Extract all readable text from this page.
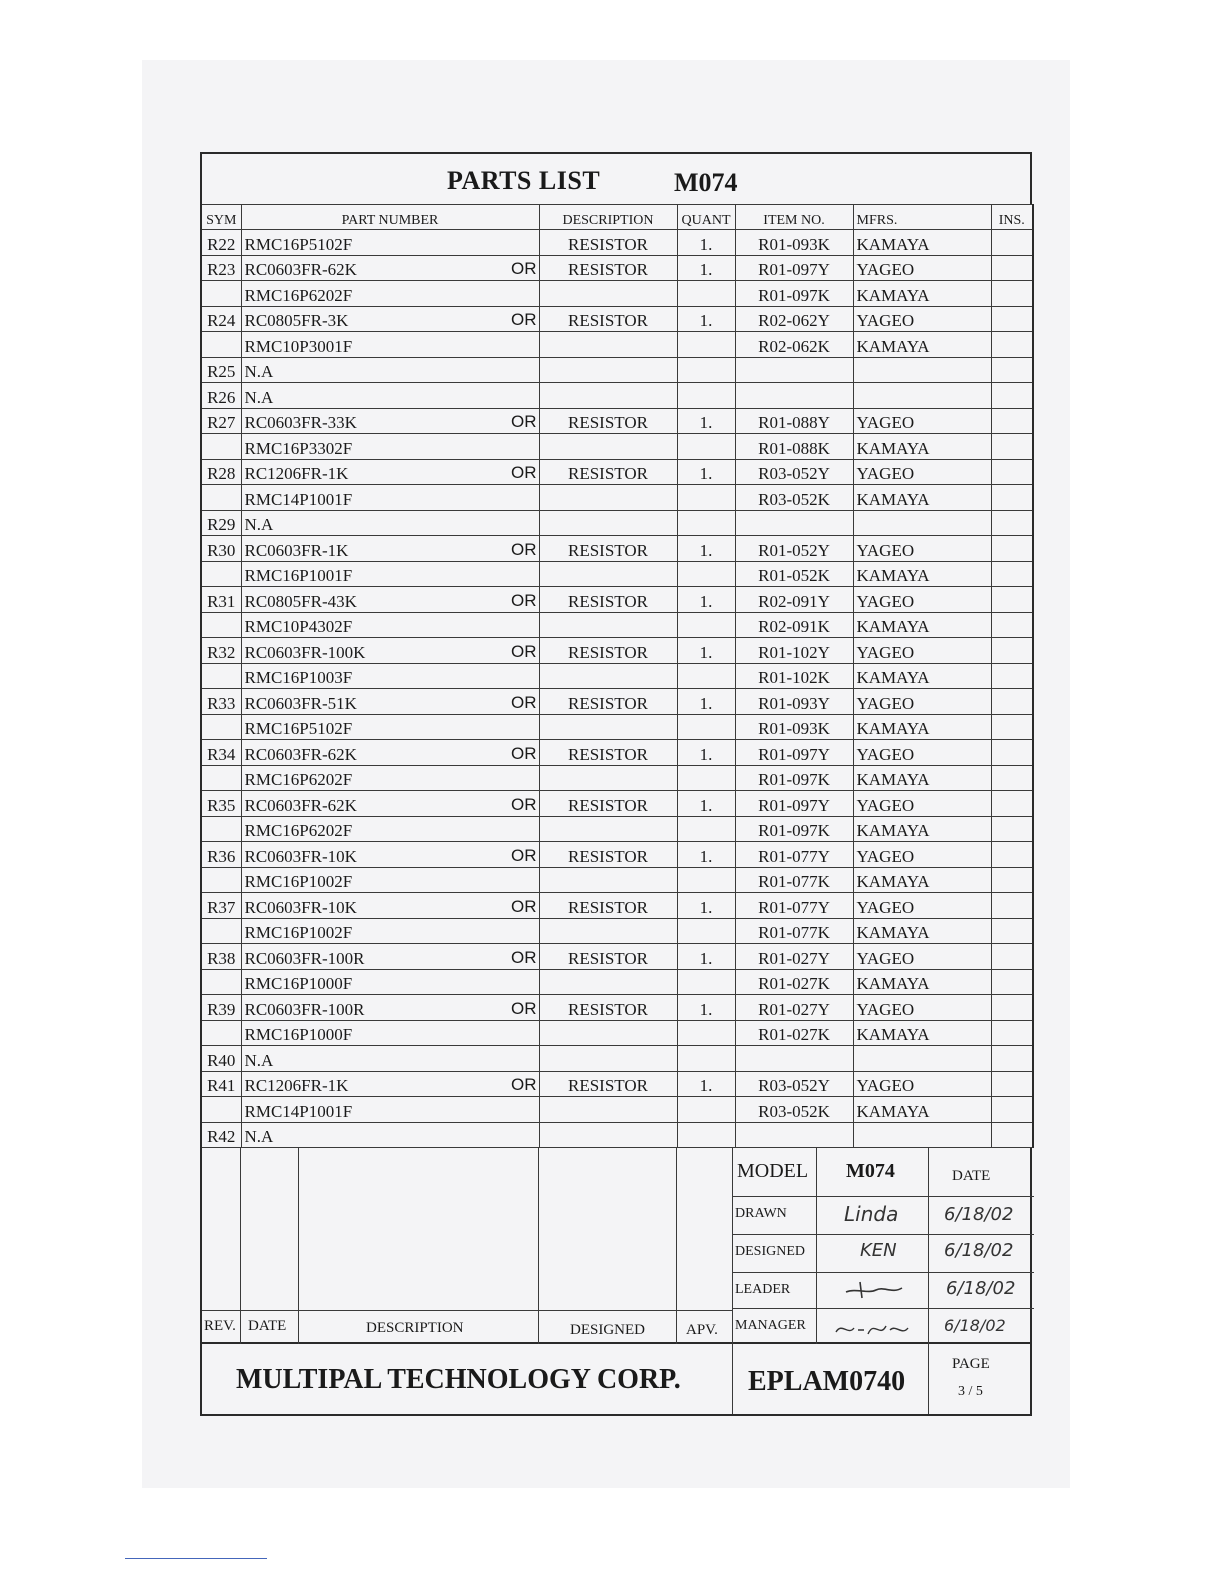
PARTS LIST	M074
SYM	PART NUMBER	DESCRIPTION	QUANT	ITEM NO.	MFRS.	INS.
R22	RMC16P5102F	RESISTOR	1.	R01-093K	KAMAYA	
R23	RC0603FR-62K OR	RESISTOR	1.	R01-097Y	YAGEO	
	RMC16P6202F			R01-097K	KAMAYA	
R24	RC0805FR-3K OR	RESISTOR	1.	R02-062Y	YAGEO	
	RMC10P3001F			R02-062K	KAMAYA	
R25	N.A

R26	N.A

R27	RC0603FR-33K OR	RESISTOR	1.	R01-088Y	YAGEO	
	RMC16P3302F			R01-088K	KAMAYA	
R28	RC1206FR-1K OR	RESISTOR	1.	R03-052Y	YAGEO	
	RMC14P1001F			R03-052K	KAMAYA	
R29	N.A

R30	RC0603FR-1K OR	RESISTOR	1.	R01-052Y	YAGEO	
	RMC16P1001F			R01-052K	KAMAYA	
R31	RC0805FR-43K OR	RESISTOR	1.	R02-091Y	YAGEO	
	RMC10P4302F			R02-091K	KAMAYA	
R32	RC0603FR-100K OR	RESISTOR	1.	R01-102Y	YAGEO	
	RMC16P1003F			R01-102K	KAMAYA	
R33	RC0603FR-51K OR	RESISTOR	1.	R01-093Y	YAGEO	
	RMC16P5102F			R01-093K	KAMAYA	
R34	RC0603FR-62K OR	RESISTOR	1.	R01-097Y	YAGEO	
	RMC16P6202F			R01-097K	KAMAYA	
R35	RC0603FR-62K OR	RESISTOR	1.	R01-097Y	YAGEO	
	RMC16P6202F			R01-097K	KAMAYA	
R36	RC0603FR-10K OR	RESISTOR	1.	R01-077Y	YAGEO	
	RMC16P1002F			R01-077K	KAMAYA	
R37	RC0603FR-10K OR	RESISTOR	1.	R01-077Y	YAGEO	
	RMC16P1002F			R01-077K	KAMAYA	
R38	RC0603FR-100R OR	RESISTOR	1.	R01-027Y	YAGEO	
	RMC16P1000F			R01-027K	KAMAYA	
R39	RC0603FR-100R OR	RESISTOR	1.	R01-027Y	YAGEO	
	RMC16P1000F			R01-027K	KAMAYA	
R40	N.A

R41	RC1206FR-1K OR	RESISTOR	1.	R03-052Y	YAGEO	
	RMC14P1001F			R03-052K	KAMAYA	
R42	N.A

REV. DATE	DESCRIPTION	DESIGNED	APV.
MODEL M074	DATE
DRAWN	Linda	6/18/02
DESIGNED	KEN	6/18/02
LEADER	6/18/02
MANAGER	6/18/02
MULTIPAL TECHNOLOGY CORP. EPLAM0740
PAGE
3 / 5
